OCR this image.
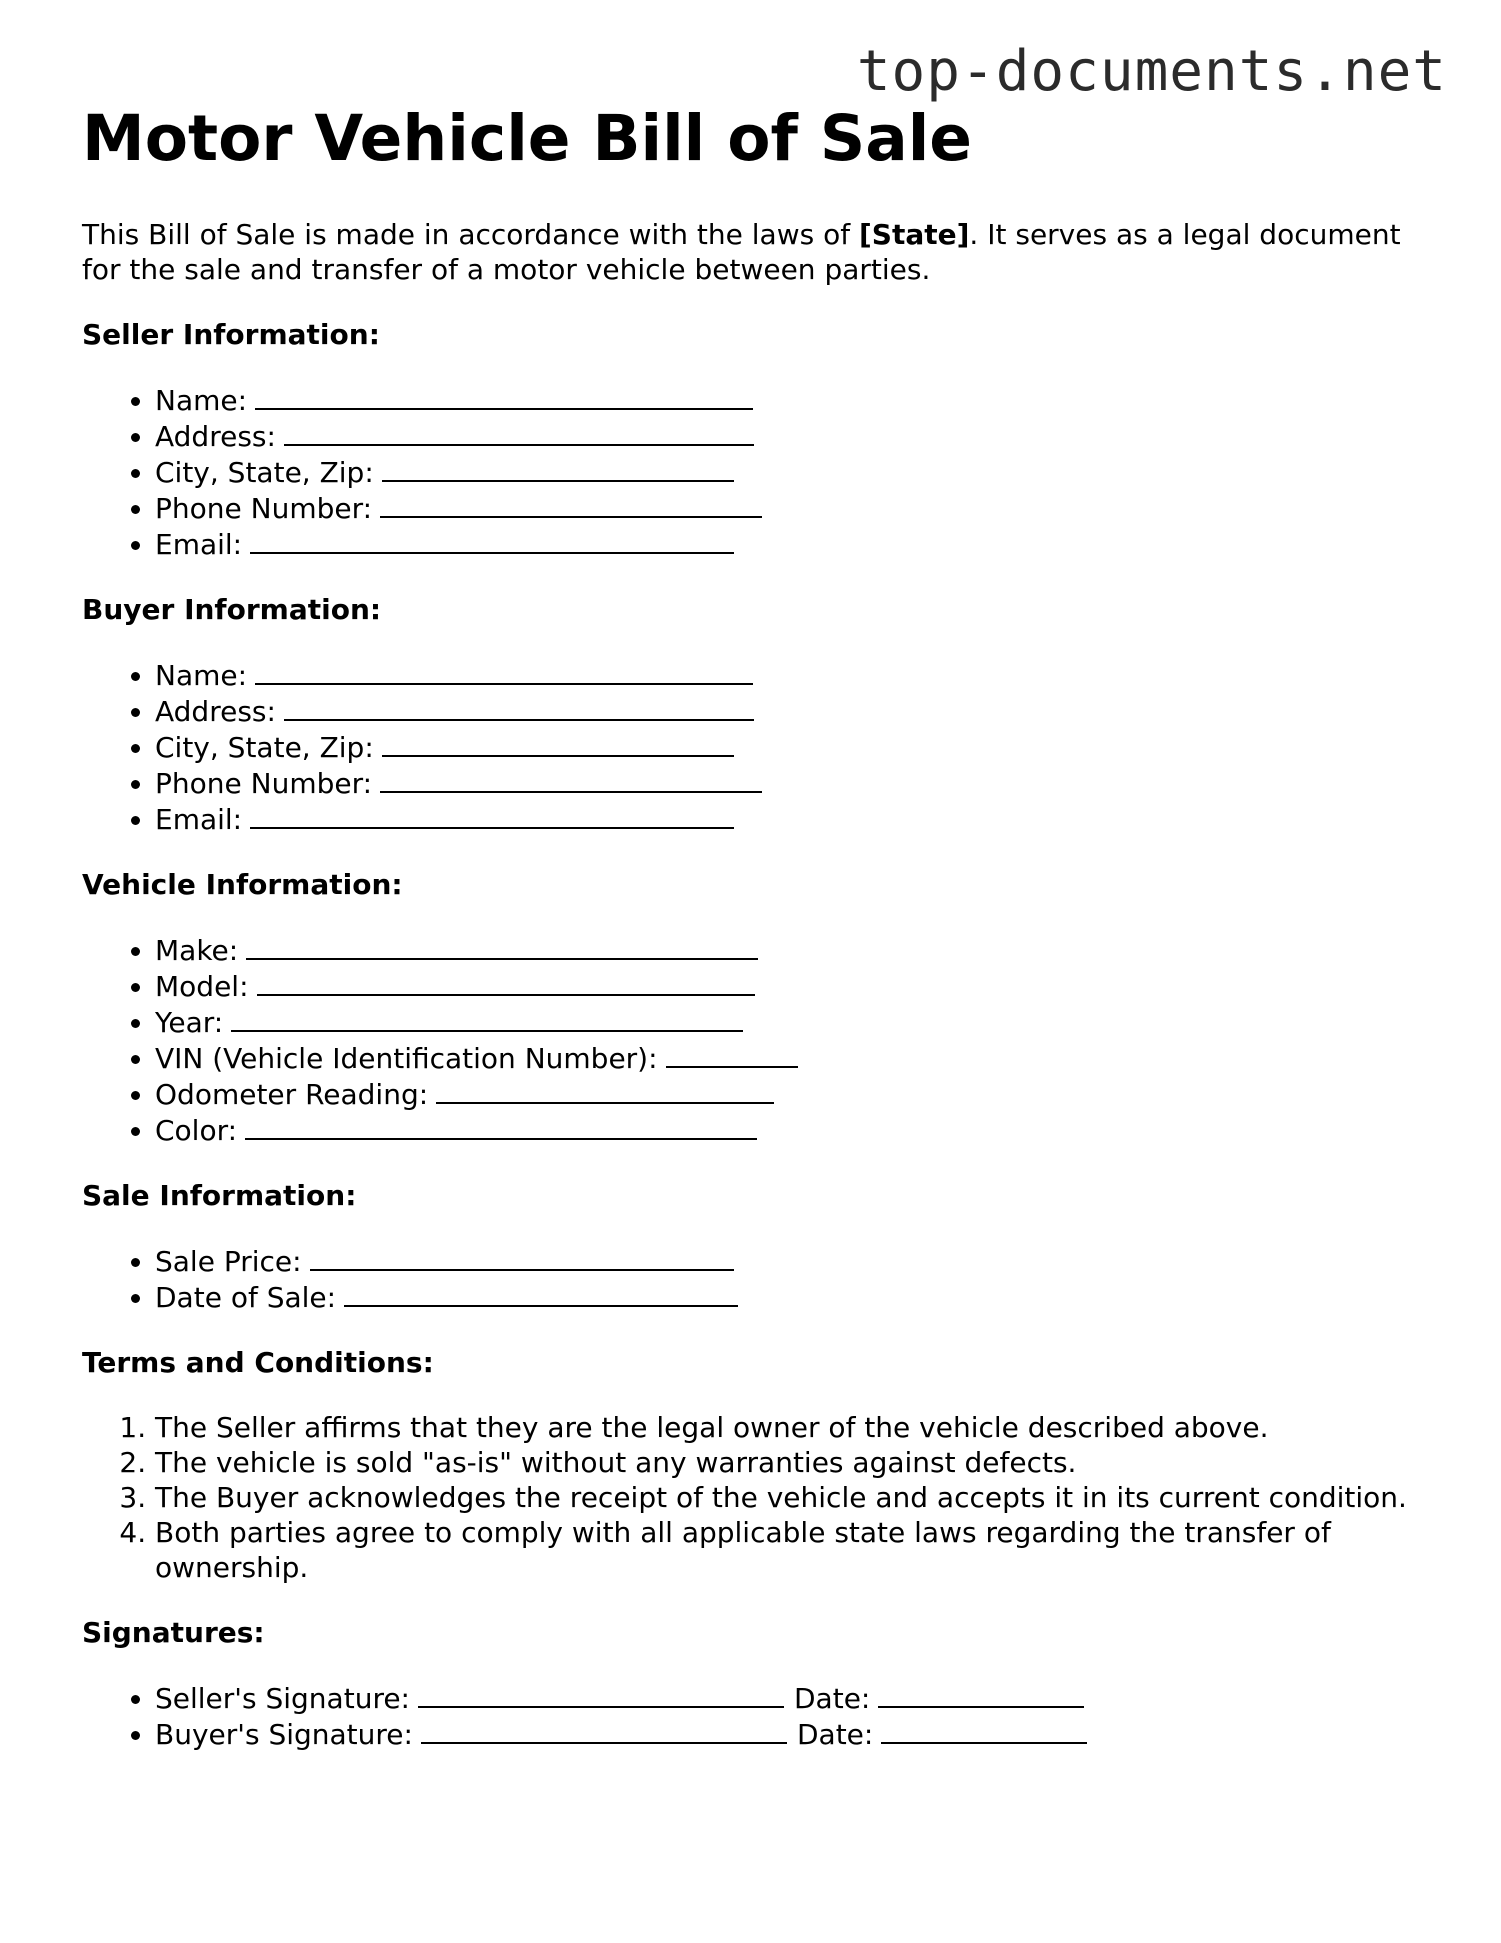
top-documents.net
Motor Vehicle Bill of Sale

This Bill of Sale is made in accordance with the laws of [State]. It serves as a legal document for the sale and transfer of a motor vehicle between parties.

Seller Information:
• Name:
• Address:
• City, State, Zip:
• Phone Number:
• Email:
Buyer Information:
• Name:
• Address:
• City, State, Zip:
• Phone Number:
• Email:
Vehicle Information:
• Make:
• Model:
• Year:
• VIN (Vehicle Identification Number):
• Odometer Reading:
• Color:
Sale Information:
• Sale Price:
• Date of Sale:
Terms and Conditions:
1. The Seller affirms that they are the legal owner of the vehicle described above.
2. The vehicle is sold "as-is" without any warranties against defects.
3. The Buyer acknowledges the receipt of the vehicle and accepts it in its current condition.
4. Both parties agree to comply with all applicable state laws regarding the transfer of ownership.
Signatures:
• Seller's Signature:	Date:
• Buyer's Signature:	Date:
